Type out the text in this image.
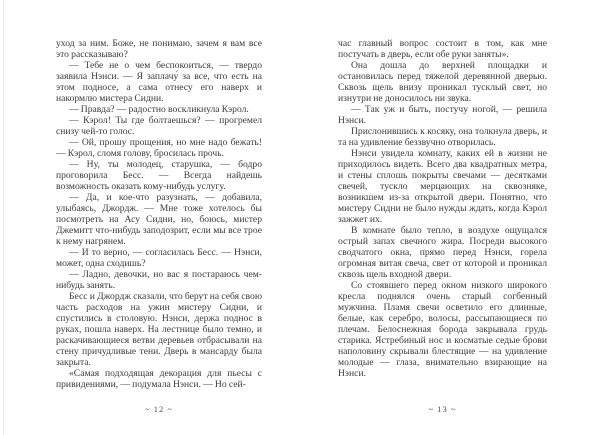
уход за ним. Боже, не понимаю, зачем я вам все это рассказываю?

— Тебе не о чем беспокоиться, — твердо заявила Нэнси. — Я заплачу́ за все, что есть на этом подносе, а сама отнесу его наверх и накормлю мистера Сидни.

— Правда? — радостно воскликнула Кэрол.

— Кэрол! Ты где болтаешься? — прогремел снизу чей-то голос.

— Ой, прошу прощения, но мне надо бежать! — Кэрол, сломя голову, бросилась прочь.

— Ну, ты молодец, старушка, — бодро проговорила Бесс. — Всегда найдешь возможность оказать кому-нибудь услугу.

— Да, и кое-что разузнать, — добавила, улыбаясь, Джордж. — Мне тоже хотелось бы посмотреть на Асу Сидни, но, боюсь, мистер Джемитт что-нибудь заподозрит, если мы все трое к нему нагрянем.

— И то верно, — согласилась Бесс. — Нэнси, может, одна сходишь?

— Ладно, девочки, но вас я постараюсь чем-нибудь занять.

Бесс и Джордж сказали, что берут на себя свою часть расходов на ужин мистеру Сидни, и спустились в столовую. Нэнси, держа поднос в руках, пошла наверх. На лестнице было темно, и раскачивающиеся ветви деревьев отбрасывали на стену причудливые тени. Дверь в мансарду была закрыта.

«Самая подходящая декорация для пьесы с привидениями, — подумала Нэнси. — Но сей-

час главный вопрос состоит в том, как мне постучать в дверь, если обе руки заняты».

Она дошла до верхней площадки и остановилась перед тяжелой деревянной дверью. Сквозь щель внизу проникал тусклый свет, но изнутри не доносилось ни звука.

— Так уж и быть, постучу ногой, — решила Нэнси.

Прислонившись к косяку, она толкнула дверь, и та на удивление беззвучно отворилась.

Нэнси увидела комнату, каких ей в жизни не приходилось видеть. Всего два квадратных метра, и стены сплошь покрыты свечами — десятками свечей, тускло мерцающих на сквозняке, возникшем из-за открытой двери. Понятно, что мистеру Сидни не было нужды ждать, когда Кэрол зажжет их.

В комнате было тепло, в воздухе ощущался острый запах свечного жира. Посреди высокого сводчатого окна, прямо перед Нэнси, горела огромная витая свеча, свет от которой и проникал сквозь щель входной двери.

Со стоявшего перед окном низкого широкого кресла поднялся очень старый согбенный мужчина. Пламя свечи осветило его длинные, белые, как серебро, волосы, рассыпающиеся по плечам. Белоснежная борода закрывала грудь старика. Ястребиный нос и косматые седые брови наполовину скрывали блестящие — на удивление молодые — глаза, внимательно взирающие на Нэнси.

~ 12 ~	~ 13 ~
